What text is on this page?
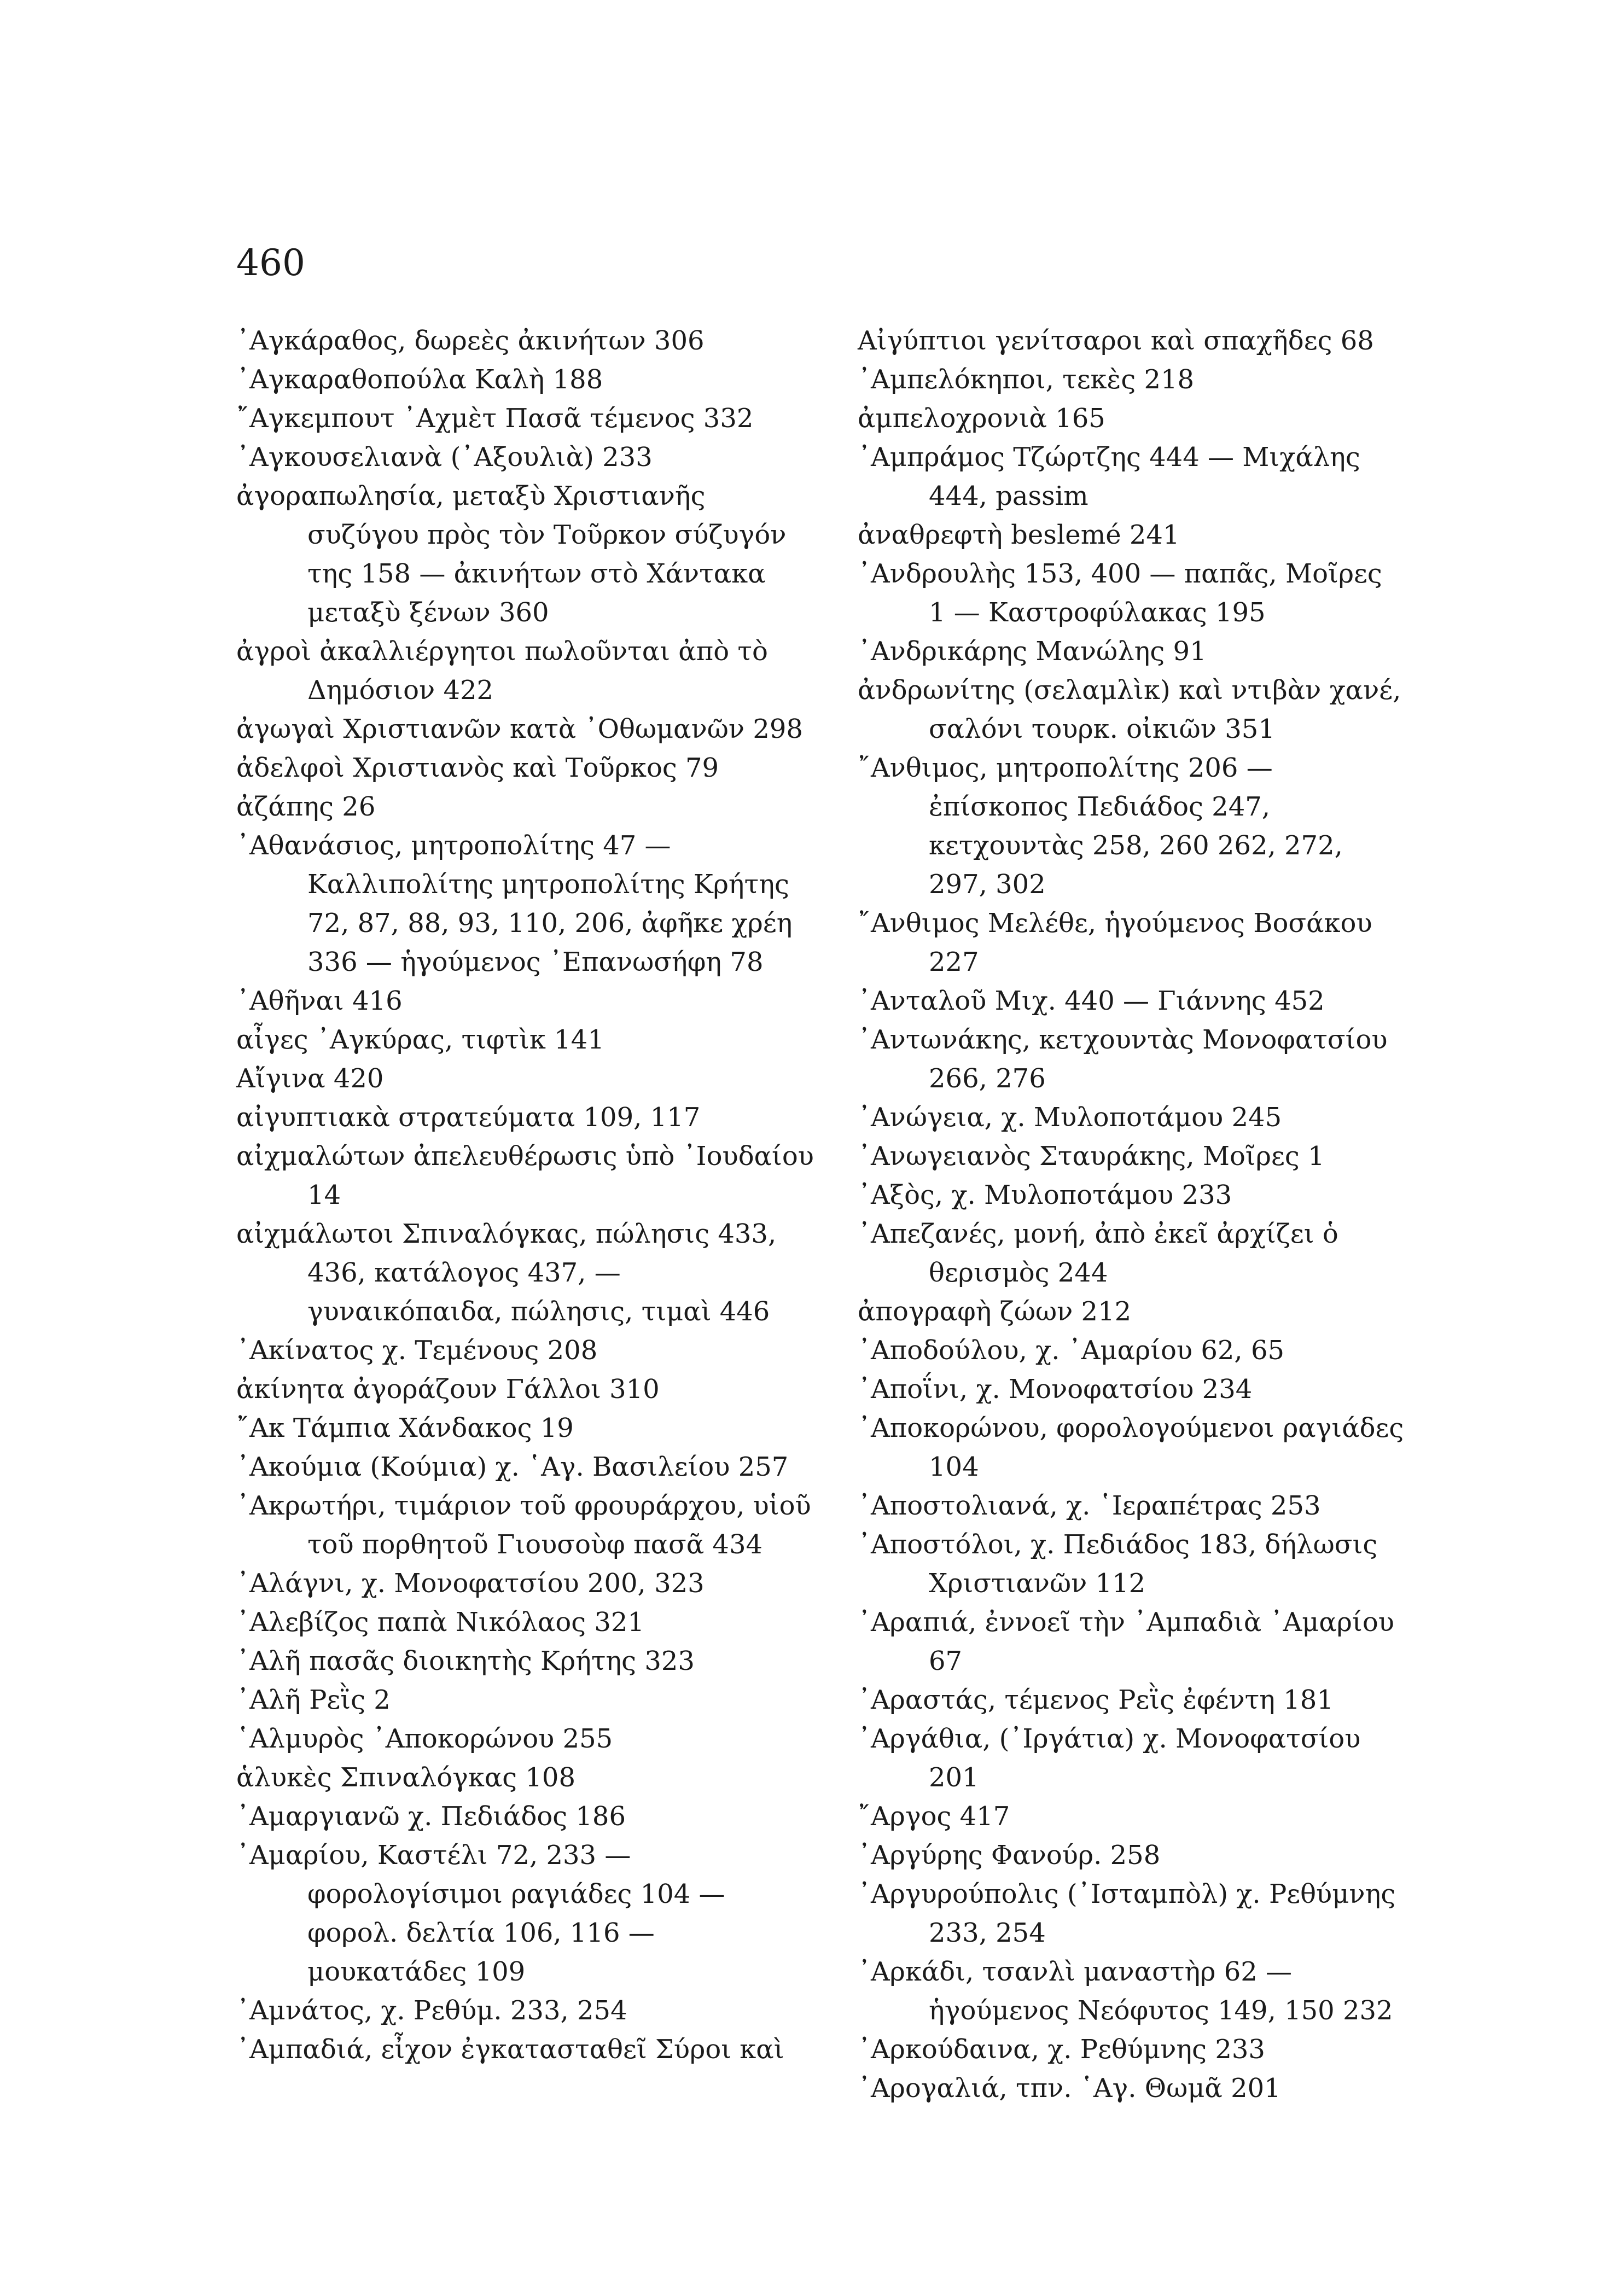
460
᾿Αγκάραθος, δωρεὲς ἀκινήτων 306
᾿Αγκαραθοπούλα Καλὴ 188
῎Αγκεμπουτ ᾿Αχμὲτ Πασᾶ τέμενος 332
᾿Αγκουσελιανὰ (᾿Αξουλιὰ) 233
ἀγοραπωλησία, μεταξὺ Χριστιανῆς συζύγου πρὸς τὸν Τοῦρκον σύζυγόν της 158 — ἀκινήτων στὸ Χάντακα μεταξὺ ξένων 360
ἀγροὶ ἀκαλλιέργητοι πωλοῦνται ἀπὸ τὸ Δημόσιον 422
ἀγωγαὶ Χριστιανῶν κατὰ ᾿Οθωμανῶν 298
ἀδελφοὶ Χριστιανὸς καὶ Τοῦρκος 79
ἀζάπης 26
᾿Αθανάσιος, μητροπολίτης 47 — Καλλιπολίτης μητροπολίτης Κρήτης 72, 87, 88, 93, 110, 206, ἀφῆκε χρέη 336 — ἡγούμενος ᾿Επανωσήφη 78
᾿Αθῆναι 416
αἶγες ᾿Αγκύρας, τιφτὶκ 141
Αἴγινα 420
αἰγυπτιακὰ στρατεύματα 109, 117
αἰχμαλώτων ἀπελευθέρωσις ὑπὸ ᾿Ιουδαίου 14
αἰχμάλωτοι Σπιναλόγκας, πώλησις 433, 436, κατάλογος 437, — γυναικόπαιδα, πώλησις, τιμαὶ 446
᾿Ακίνατος χ. Τεμένους 208
ἀκίνητα ἀγοράζουν Γάλλοι 310
῎Ακ Τάμπια Χάνδακος 19
᾿Ακούμια (Κούμια) χ. ῾Αγ. Βασιλείου 257
᾿Ακρωτήρι, τιμάριον τοῦ φρουράρχου, υἱοῦ τοῦ πορθητοῦ Γιουσοὺφ πασᾶ 434
᾿Αλάγνι, χ. Μονοφατσίου 200, 323
᾿Αλεβίζος παπὰ Νικόλαος 321
᾿Αλῆ πασᾶς διοικητὴς Κρήτης 323
᾿Αλῆ Ρεῒς 2
῾Αλμυρὸς ᾿Αποκορώνου 255
ἁλυκὲς Σπιναλόγκας 108
᾿Αμαργιανῶ χ. Πεδιάδος 186
᾿Αμαρίου, Καστέλι 72, 233 — φορολογίσιμοι ραγιάδες 104 — φορολ. δελτία 106, 116 — μουκατάδες 109
᾿Αμνάτος, χ. Ρεθύμ. 233, 254
᾿Αμπαδιά, εἶχον ἐγκατασταθεῖ Σύροι καὶ
Αἰγύπτιοι γενίτσαροι καὶ σπαχῆδες 68
᾿Αμπελόκηποι, τεκὲς 218
ἀμπελοχρονιὰ 165
᾿Αμπράμος Τζώρτζης 444 — Μιχάλης 444, passim
ἀναθρεφτὴ beslemé 241
᾿Ανδρουλὴς 153, 400 — παπᾶς, Μοῖρες 1 — Καστροφύλακας 195
᾿Ανδρικάρης Μανώλης 91
ἀνδρωνίτης (σελαμλὶκ) καὶ ντιβὰν χανέ, σαλόνι τουρκ. οἰκιῶν 351
῎Ανθιμος, μητροπολίτης 206 — ἐπίσκοπος Πεδιάδος 247, κετχουντὰς 258, 260 262, 272, 297, 302
῎Ανθιμος Μελέθε, ἡγούμενος Βοσάκου 227
᾿Ανταλοῦ Μιχ. 440 — Γιάννης 452
᾿Αντωνάκης, κετχουντὰς Μονοφατσίου 266, 276
᾿Ανώγεια, χ. Μυλοποτάμου 245
᾿Ανωγειανὸς Σταυράκης, Μοῖρες 1
᾿Αξὸς, χ. Μυλοποτάμου 233
᾿Απεζανές, μονή, ἀπὸ ἐκεῖ ἀρχίζει ὁ θερισμὸς 244
ἀπογραφὴ ζώων 212
᾿Αποδούλου, χ. ᾿Αμαρίου 62, 65
᾿Αποΐνι, χ. Μονοφατσίου 234
᾿Αποκορώνου, φορολογούμενοι ραγιάδες 104
᾿Αποστολιανά, χ. ῾Ιεραπέτρας 253
᾿Αποστόλοι, χ. Πεδιάδος 183, δήλωσις Χριστιανῶν 112
᾿Αραπιά, ἐννοεῖ τὴν ᾿Αμπαδιὰ ᾿Αμαρίου 67
᾿Αραστάς, τέμενος Ρεῒς ἐφέντη 181
᾿Αργάθια, (᾿Ιργάτια) χ. Μονοφατσίου 201
῎Αργος 417
᾿Αργύρης Φανούρ. 258
᾿Αργυρούπολις (᾿Ισταμπὸλ) χ. Ρεθύμνης 233, 254
᾿Αρκάδι, τσανλὶ μαναστὴρ 62 — ἡγούμενος Νεόφυτος 149, 150 232
᾿Αρκούδαινα, χ. Ρεθύμνης 233
᾿Αρογαλιά, τπν. ῾Αγ. Θωμᾶ 201
